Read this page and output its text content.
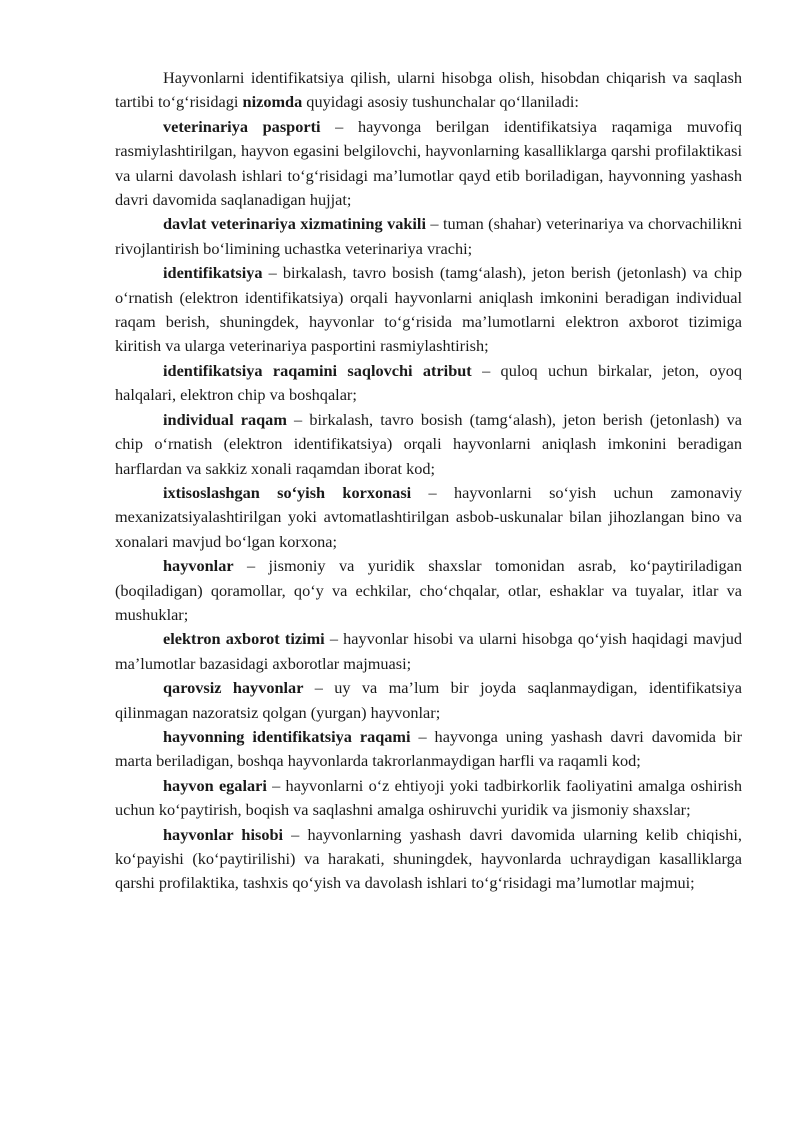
Hayvonlarni identifikatsiya qilish, ularni hisobga olish, hisobdan chiqarish va saqlash tartibi to‘g‘risidagi nizomda quyidagi asosiy tushunchalar qo‘llaniladi:

veterinariya pasporti – hayvonga berilgan identifikatsiya raqamiga muvofiq rasmiylashtirilgan, hayvon egasini belgilovchi, hayvonlarning kasalliklarga qarshi profilaktikasi va ularni davolash ishlari to‘g‘risidagi ma’lumotlar qayd etib boriladigan, hayvonning yashash davri davomida saqlanadigan hujjat;

davlat veterinariya xizmatining vakili – tuman (shahar) veterinariya va chorvachilikni rivojlantirish bo‘limining uchastka veterinariya vrachi;

identifikatsiya – birkalash, tavro bosish (tamg‘alash), jeton berish (jetonlash) va chip o‘rnatish (elektron identifikatsiya) orqali hayvonlarni aniqlash imkonini beradigan individual raqam berish, shuningdek, hayvonlar to‘g‘risida ma’lumotlarni elektron axborot tizimiga kiritish va ularga veterinariya pasportini rasmiylashtirish;

identifikatsiya raqamini saqlovchi atribut – quloq uchun birkalar, jeton, oyoq halqalari, elektron chip va boshqalar;

individual raqam – birkalash, tavro bosish (tamg‘alash), jeton berish (jetonlash) va chip o‘rnatish (elektron identifikatsiya) orqali hayvonlarni aniqlash imkonini beradigan harflardan va sakkiz xonali raqamdan iborat kod;

ixtisoslashgan so‘yish korxonasi – hayvonlarni so‘yish uchun zamonaviy mexanizatsiyalashtirilgan yoki avtomatlashtirilgan asbob-uskunalar bilan jihozlangan bino va xonalari mavjud bo‘lgan korxona;

hayvonlar – jismoniy va yuridik shaxslar tomonidan asrab, ko‘paytiriladigan (boqiladigan) qoramollar, qo‘y va echkilar, cho‘chqalar, otlar, eshaklar va tuyalar, itlar va mushuklar;

elektron axborot tizimi – hayvonlar hisobi va ularni hisobga qo‘yish haqidagi mavjud ma’lumotlar bazasidagi axborotlar majmuasi;

qarovsiz hayvonlar – uy va ma’lum bir joyda saqlanmaydigan, identifikatsiya qilinmagan nazoratsiz qolgan (yurgan) hayvonlar;

hayvonning identifikatsiya raqami – hayvonga uning yashash davri davomida bir marta beriladigan, boshqa hayvonlarda takrorlanmaydigan harfli va raqamli kod;

hayvon egalari – hayvonlarni o‘z ehtiyoji yoki tadbirkorlik faoliyatini amalga oshirish uchun ko‘paytirish, boqish va saqlashni amalga oshiruvchi yuridik va jismoniy shaxslar;

hayvonlar hisobi – hayvonlarning yashash davri davomida ularning kelib chiqishi, ko‘payishi (ko‘paytirilishi) va harakati, shuningdek, hayvonlarda uchraydigan kasalliklarga qarshi profilaktika, tashxis qo‘yish va davolash ishlari to‘g‘risidagi ma’lumotlar majmui;
